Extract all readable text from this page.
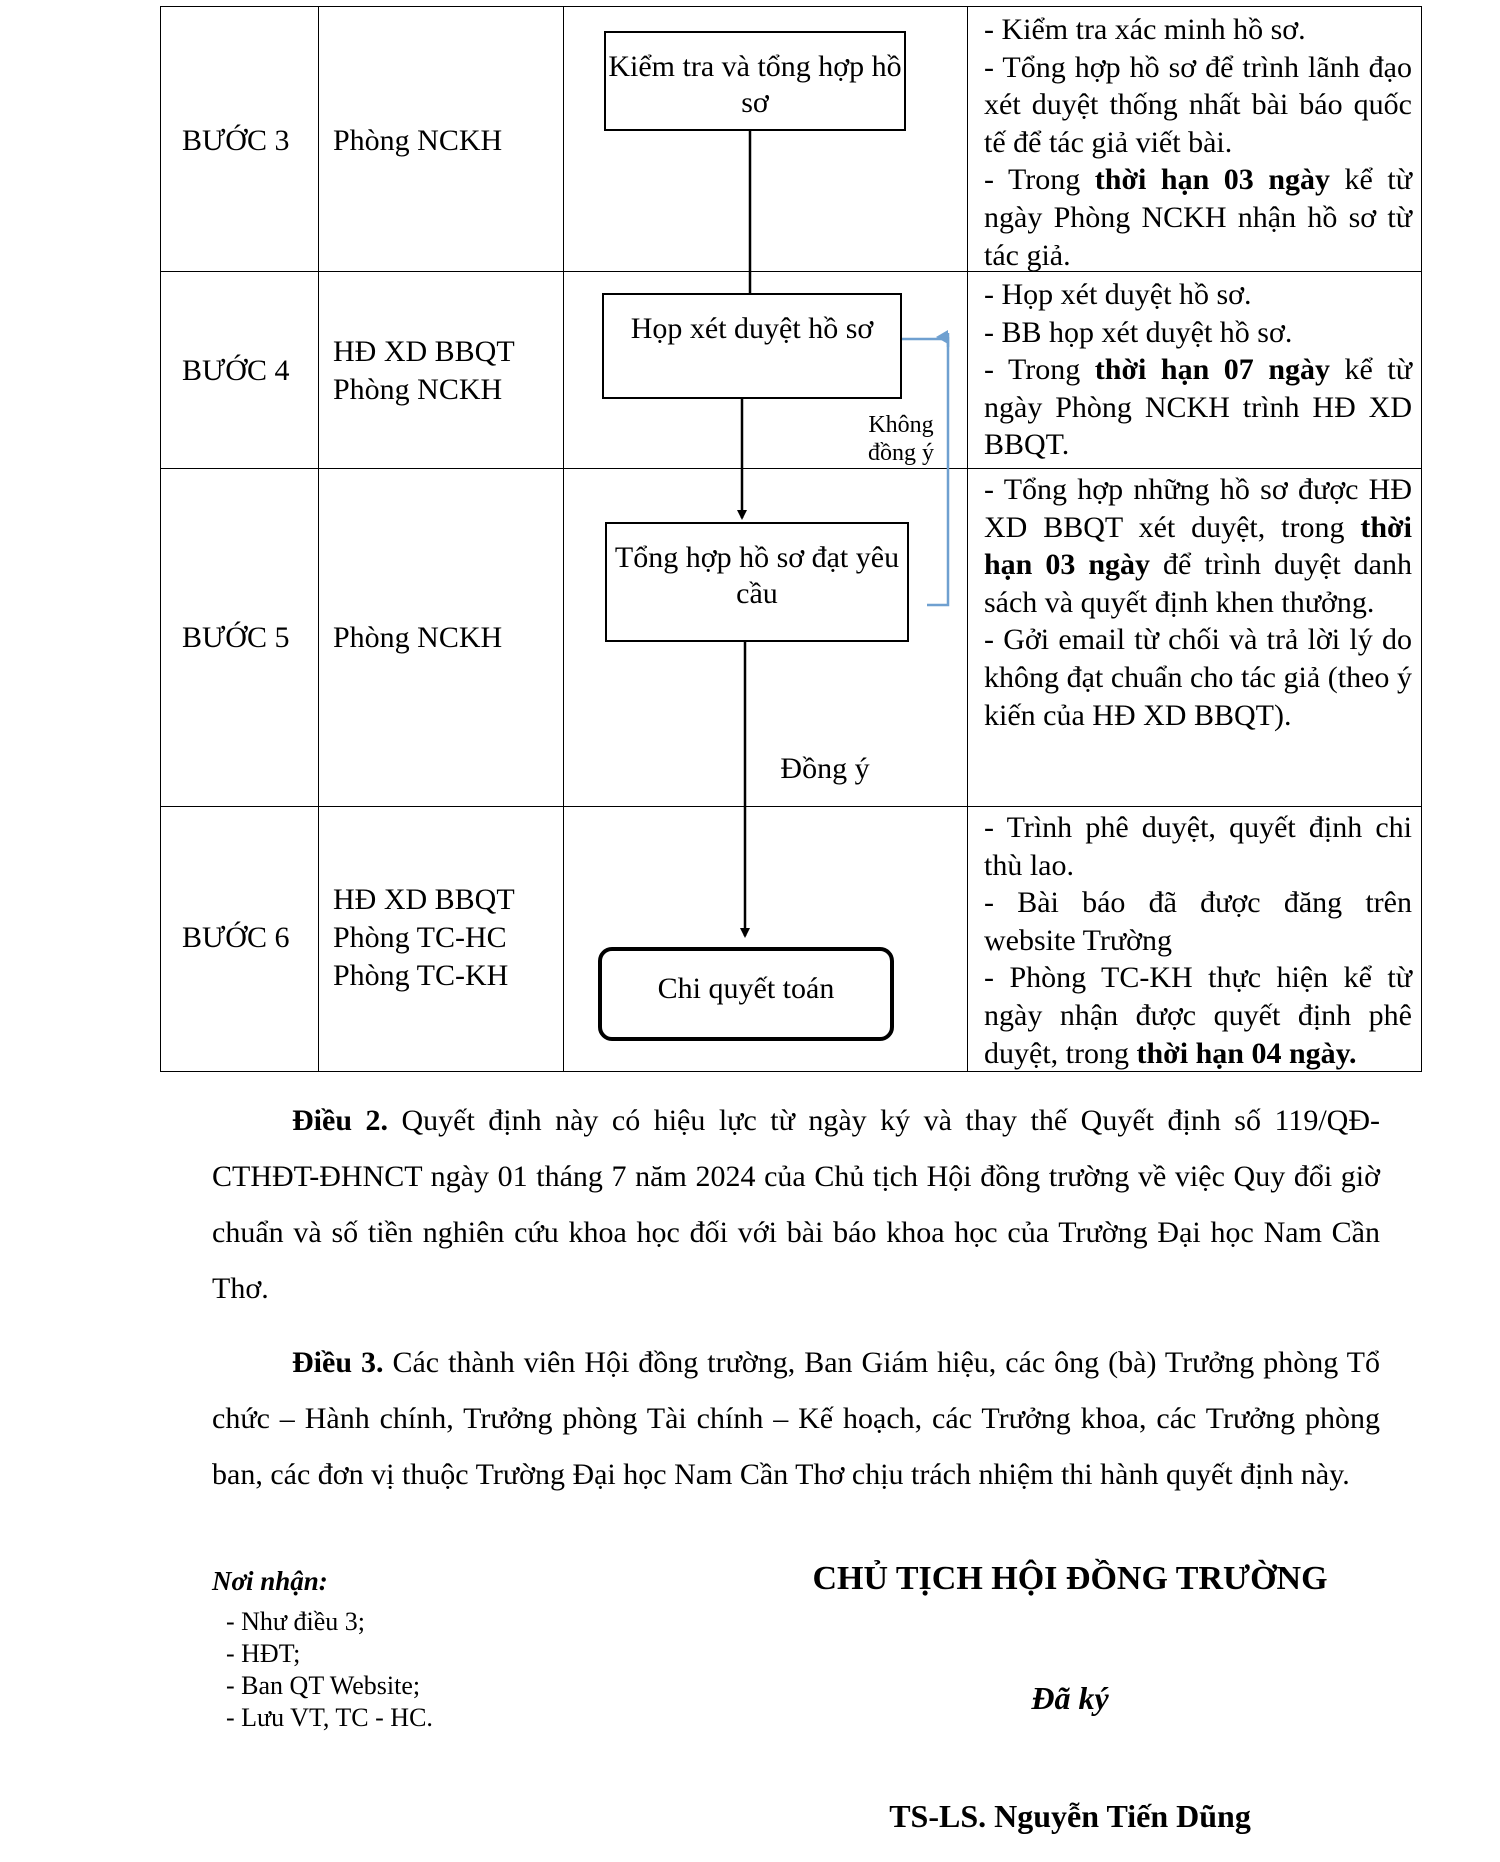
BƯỚC 3 Phòng NCKH

- Kiểm tra xác minh hồ sơ.

- Tổng hợp hồ sơ để trình lãnh đạo xét duyệt thống nhất bài báo quốc tế để tác giả viết bài.

- Trong thời hạn 03 ngày kể từ ngày Phòng NCKH nhận hồ sơ từ tác giả.

BƯỚC 4
HĐ XD BBQT
Phòng NCKH

- Họp xét duyệt hồ sơ.

- BB họp xét duyệt hồ sơ.

- Trong thời hạn 07 ngày kể từ ngày Phòng NCKH trình HĐ XD BBQT.

BƯỚC 5 Phòng NCKH

- Tổng hợp những hồ sơ được HĐ XD BBQT xét duyệt, trong thời hạn 03 ngày để trình duyệt danh sách và quyết định khen thưởng.

- Gởi email từ chối và trả lời lý do không đạt chuẩn cho tác giả (theo ý kiến của HĐ XD BBQT).

BƯỚC 6
HĐ XD BBQT
Phòng TC-HC
Phòng TC-KH

- Trình phê duyệt, quyết định chi thù lao.

- Bài báo đã được đăng trên website Trường

- Phòng TC-KH thực hiện kể từ ngày nhận được quyết định phê duyệt, trong thời hạn 04 ngày.

Kiểm tra và tổng hợp hồ sơ
Họp xét duyệt hồ sơ
Tổng hợp hồ sơ đạt yêu cầu
Chi quyết toán
Không đồng ý
Đồng ý

Điều 2. Quyết định này có hiệu lực từ ngày ký và thay thế Quyết định số 119/QĐ-CTHĐT-ĐHNCT ngày 01 tháng 7 năm 2024 của Chủ tịch Hội đồng trường về việc Quy đổi giờ chuẩn và số tiền nghiên cứu khoa học đối với bài báo khoa học của Trường Đại học Nam Cần Thơ.

Điều 3. Các thành viên Hội đồng trường, Ban Giám hiệu, các ông (bà) Trưởng phòng Tổ chức – Hành chính, Trưởng phòng Tài chính – Kế hoạch, các Trưởng khoa, các Trưởng phòng ban, các đơn vị thuộc Trường Đại học Nam Cần Thơ chịu trách nhiệm thi hành quyết định này.

Nơi nhận:
- Như điều 3;
- HĐT;
- Ban QT Website;
- Lưu VT, TC - HC.
CHỦ TỊCH HỘI ĐỒNG TRƯỜNG
Đã ký
TS-LS. Nguyễn Tiến Dũng
